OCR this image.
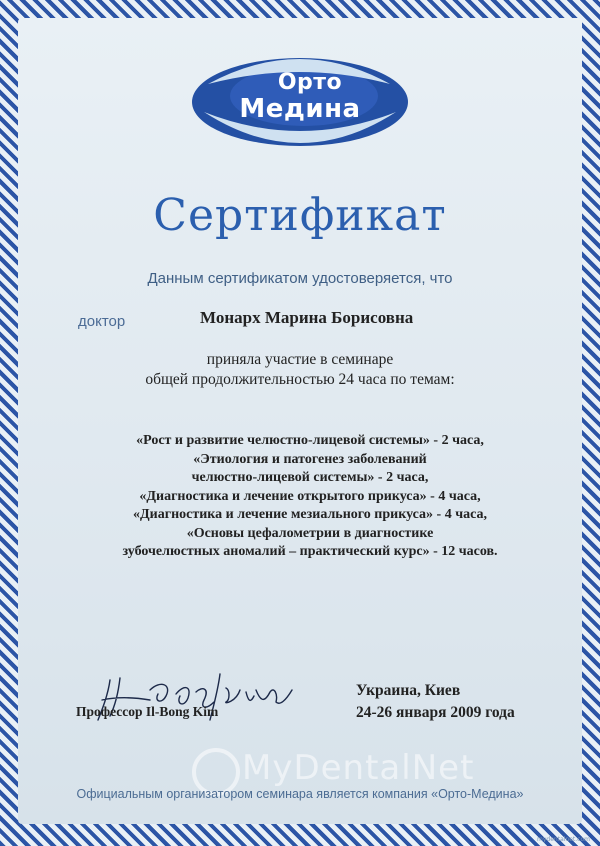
Орто
Медина
Сертификат
Данным сертификатом удостоверяется, что
доктор	Монарх Марина Борисовна
приняла участие в семинаре
общей продолжительностью 24 часа по темам:
«Рост и развитие челюстно-лицевой системы» - 2 часа,
«Этиология и патогенез заболеваний
челюстно-лицевой системы» - 2 часа,
«Диагностика и лечение открытого прикуса» - 4 часа,
«Диагностика и лечение мезиального прикуса» - 4 часа,
«Основы цефалометрии в диагностике
зубочелюстных аномалий – практический курс» - 12 часов.
Профессор Il-Bong Kim
Украина, Киев
24-26 января 2009 года
MyDentalNet
Официальным организатором семинара является компания «Орто-Медина»
mydentalnet.com
